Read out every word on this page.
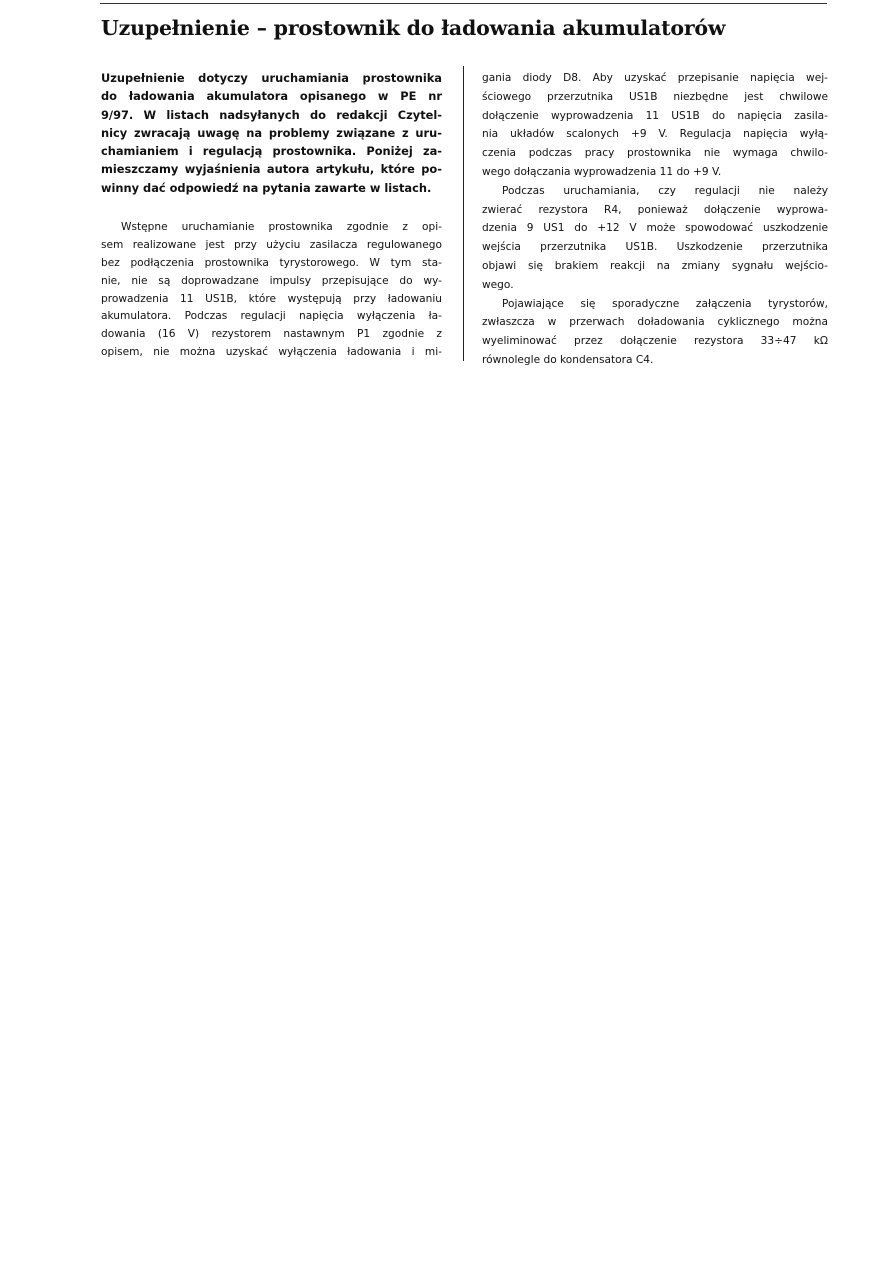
Uzupełnienie – prostownik do ładowania akumulatorów
Uzupełnienie dotyczy uruchamiania prostownika
do ładowania akumulatora opisanego w PE nr
9/97. W listach nadsyłanych do redakcji Czytel-
nicy zwracają uwagę na problemy związane z uru-
chamianiem i regulacją prostownika. Poniżej za-
mieszczamy wyjaśnienia autora artykułu, które po-
winny dać odpowiedź na pytania zawarte w listach.
Wstępne uruchamianie prostownika zgodnie z opi-
sem realizowane jest przy użyciu zasilacza regulowanego
bez podłączenia prostownika tyrystorowego. W tym sta-
nie, nie są doprowadzane impulsy przepisujące do wy-
prowadzenia 11 US1B, które występują przy ładowaniu
akumulatora. Podczas regulacji napięcia wyłączenia ła-
dowania (16 V) rezystorem nastawnym P1 zgodnie z
opisem, nie można uzyskać wyłączenia ładowania i mi-
gania diody D8. Aby uzyskać przepisanie napięcia wej-
ściowego przerzutnika US1B niezbędne jest chwilowe
dołączenie wyprowadzenia 11 US1B do napięcia zasila-
nia układów scalonych +9 V. Regulacja napięcia wyłą-
czenia podczas pracy prostownika nie wymaga chwilo-
wego dołączania wyprowadzenia 11 do +9 V.
Podczas uruchamiania, czy regulacji nie należy
zwierać rezystora R4, ponieważ dołączenie wyprowa-
dzenia 9 US1 do +12 V może spowodować uszkodzenie
wejścia przerzutnika US1B. Uszkodzenie przerzutnika
objawi się brakiem reakcji na zmiany sygnału wejścio-
wego.
Pojawiające się sporadyczne załączenia tyrystorów,
zwłaszcza w przerwach doładowania cyklicznego można
wyeliminować przez dołączenie rezystora 33÷47 kΩ
równolegle do kondensatora C4.
